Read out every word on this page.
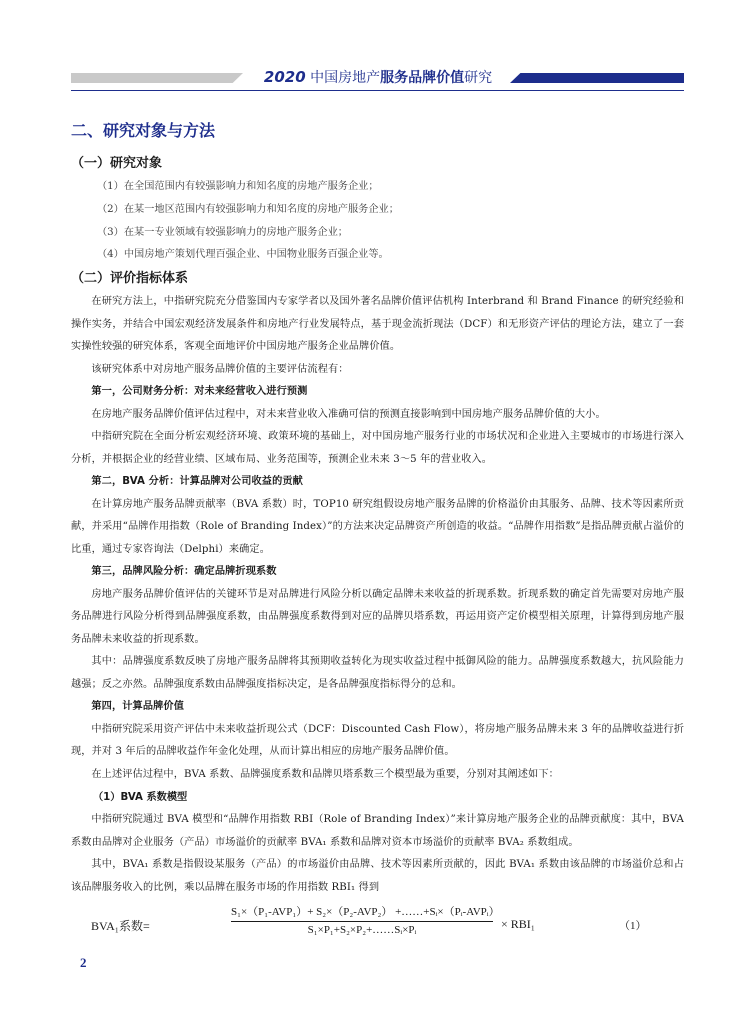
2020 中国房地产服务品牌价值研究
二、研究对象与方法
（一）研究对象

（1）在全国范围内有较强影响力和知名度的房地产服务企业；

（2）在某一地区范围内有较强影响力和知名度的房地产服务企业；

（3）在某一专业领域有较强影响力的房地产服务企业；

（4）中国房地产策划代理百强企业、中国物业服务百强企业等。

（二）评价指标体系

在研究方法上，中指研究院充分借鉴国内专家学者以及国外著名品牌价值评估机构 Interbrand 和 Brand Finance 的研究经验和操作实务，并结合中国宏观经济发展条件和房地产行业发展特点，基于现金流折现法（DCF）和无形资产评估的理论方法，建立了一套实操性较强的研究体系，客观全面地评价中国房地产服务企业品牌价值。

该研究体系中对房地产服务品牌价值的主要评估流程有：

第一，公司财务分析：对未来经营收入进行预测

在房地产服务品牌价值评估过程中，对未来营业收入准确可信的预测直接影响到中国房地产服务品牌价值的大小。

中指研究院在全面分析宏观经济环境、政策环境的基础上，对中国房地产服务行业的市场状况和企业进入主要城市的市场进行深入分析，并根据企业的经营业绩、区域布局、业务范围等，预测企业未来 3～5 年的营业收入。

第二，BVA 分析：计算品牌对公司收益的贡献

在计算房地产服务品牌贡献率（BVA 系数）时，TOP10 研究组假设房地产服务品牌的价格溢价由其服务、品牌、技术等因素所贡献，并采用“品牌作用指数（Role of Branding Index）”的方法来决定品牌资产所创造的收益。“品牌作用指数”是指品牌贡献占溢价的比重，通过专家咨询法（Delphi）来确定。

第三，品牌风险分析：确定品牌折现系数

房地产服务品牌价值评估的关键环节是对品牌进行风险分析以确定品牌未来收益的折现系数。折现系数的确定首先需要对房地产服务品牌进行风险分析得到品牌强度系数，由品牌强度系数得到对应的品牌贝塔系数，再运用资产定价模型相关原理，计算得到房地产服务品牌未来收益的折现系数。

其中：品牌强度系数反映了房地产服务品牌将其预期收益转化为现实收益过程中抵御风险的能力。品牌强度系数越大，抗风险能力越强；反之亦然。品牌强度系数由品牌强度指标决定，是各品牌强度指标得分的总和。

第四，计算品牌价值

中指研究院采用资产评估中未来收益折现公式（DCF：Discounted Cash Flow），将房地产服务品牌未来 3 年的品牌收益进行折现，并对 3 年后的品牌收益作年金化处理，从而计算出相应的房地产服务品牌价值。

在上述评估过程中，BVA 系数、品牌强度系数和品牌贝塔系数三个模型最为重要，分别对其阐述如下：

（1）BVA 系数模型

中指研究院通过 BVA 模型和“品牌作用指数 RBI（Role of Branding Index）”来计算房地产服务企业的品牌贡献度：其中，BVA 系数由品牌对企业服务（产品）市场溢价的贡献率 BVA₁ 系数和品牌对资本市场溢价的贡献率 BVA₂ 系数组成。

其中，BVA₁ 系数是指假设某服务（产品）的市场溢价由品牌、技术等因素所贡献的，因此 BVA₁ 系数由该品牌的市场溢价总和占该品牌服务收入的比例，乘以品牌在服务市场的作用指数 RBI₁ 得到

BVA₁系数=
S₁×（P₁-AVP₁）+ S₂×（P₂-AVP₂） +……+Sᵢ×（Pᵢ-AVPᵢ）
S₁×P₁+S₂×P₂+……Sᵢ×Pᵢ	× RBI₁	（1）
2
